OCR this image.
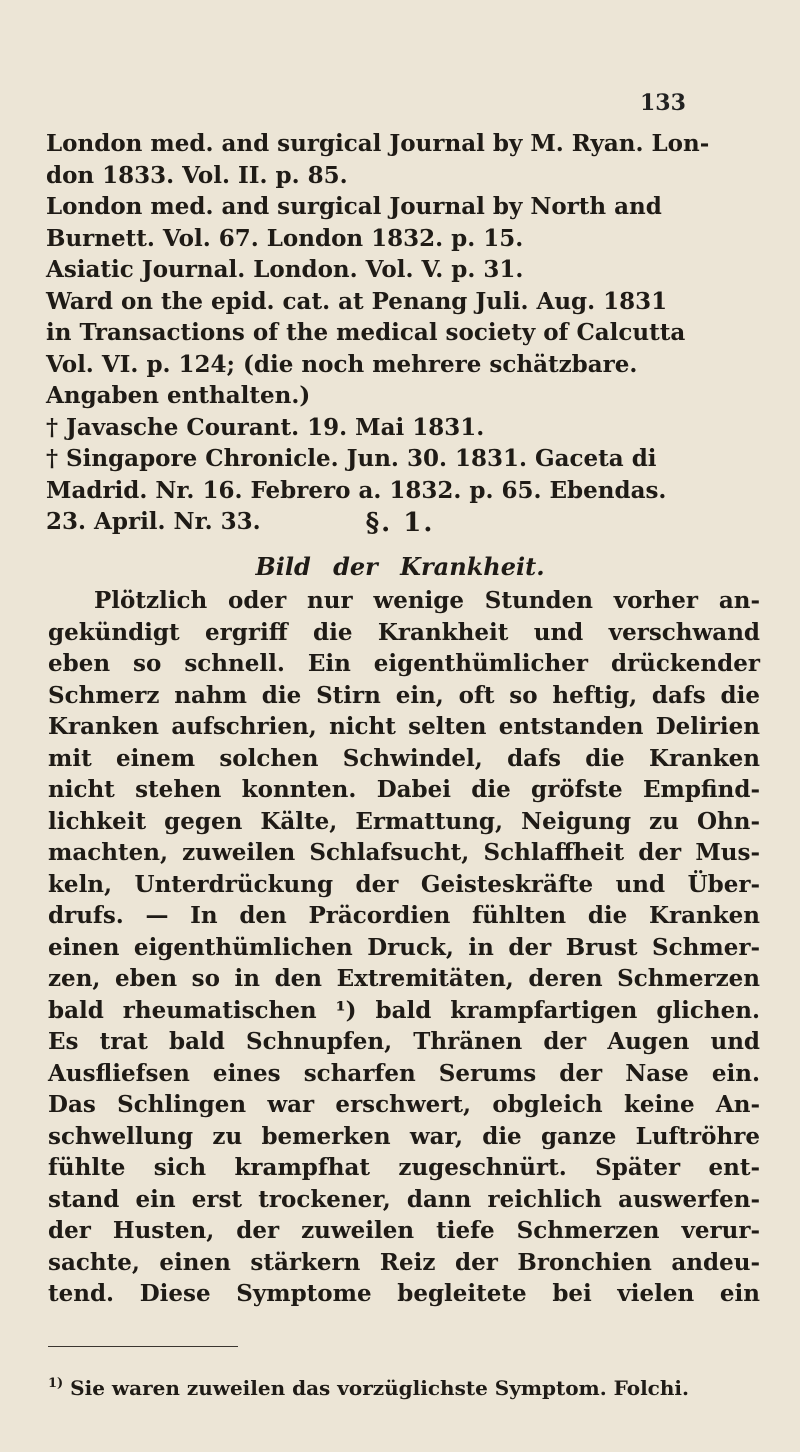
133
London med. and surgical Journal by M. Ryan. Lon-
don 1833. Vol. II. p. 85.
London med. and surgical Journal by North and
Burnett. Vol. 67. London 1832. p. 15.
Asiatic Journal. London. Vol. V. p. 31.
Ward on the epid. cat. at Penang Juli. Aug. 1831
in Transactions of the medical society of Calcutta
Vol. VI. p. 124; (die noch mehrere schätzbare.
Angaben enthalten.)
† Javasche Courant. 19. Mai 1831.
† Singapore Chronicle. Jun. 30. 1831. Gaceta di
Madrid. Nr. 16. Febrero a. 1832. p. 65. Ebendas.
23. April. Nr. 33.	§. 1.
Bild der Krankheit.
Plötzlich oder nur wenige Stunden vorher an-
gekündigt ergriff die Krankheit und verschwand
eben so schnell. Ein eigenthümlicher drückender
Schmerz nahm die Stirn ein, oft so heftig, dafs die
Kranken aufschrien, nicht selten entstanden Delirien
mit einem solchen Schwindel, dafs die Kranken
nicht stehen konnten. Dabei die gröfste Empfind-
lichkeit gegen Kälte, Ermattung, Neigung zu Ohn-
machten, zuweilen Schlafsucht, Schlaffheit der Mus-
keln, Unterdrückung der Geisteskräfte und Über-
drufs. — In den Präcordien fühlten die Kranken
einen eigenthümlichen Druck, in der Brust Schmer-
zen, eben so in den Extremitäten, deren Schmerzen
bald rheumatischen ¹) bald krampfartigen glichen.
Es trat bald Schnupfen, Thränen der Augen und
Ausfliefsen eines scharfen Serums der Nase ein.
Das Schlingen war erschwert, obgleich keine An-
schwellung zu bemerken war, die ganze Luftröhre
fühlte sich krampfhat zugeschnürt. Später ent-
stand ein erst trockener, dann reichlich auswerfen-
der Husten, der zuweilen tiefe Schmerzen verur-
sachte, einen stärkern Reiz der Bronchien andeu-
tend. Diese Symptome begleitete bei vielen ein
$^{1)}$ Sie waren zuweilen das vorzüglichste Symptom. Folchi.
